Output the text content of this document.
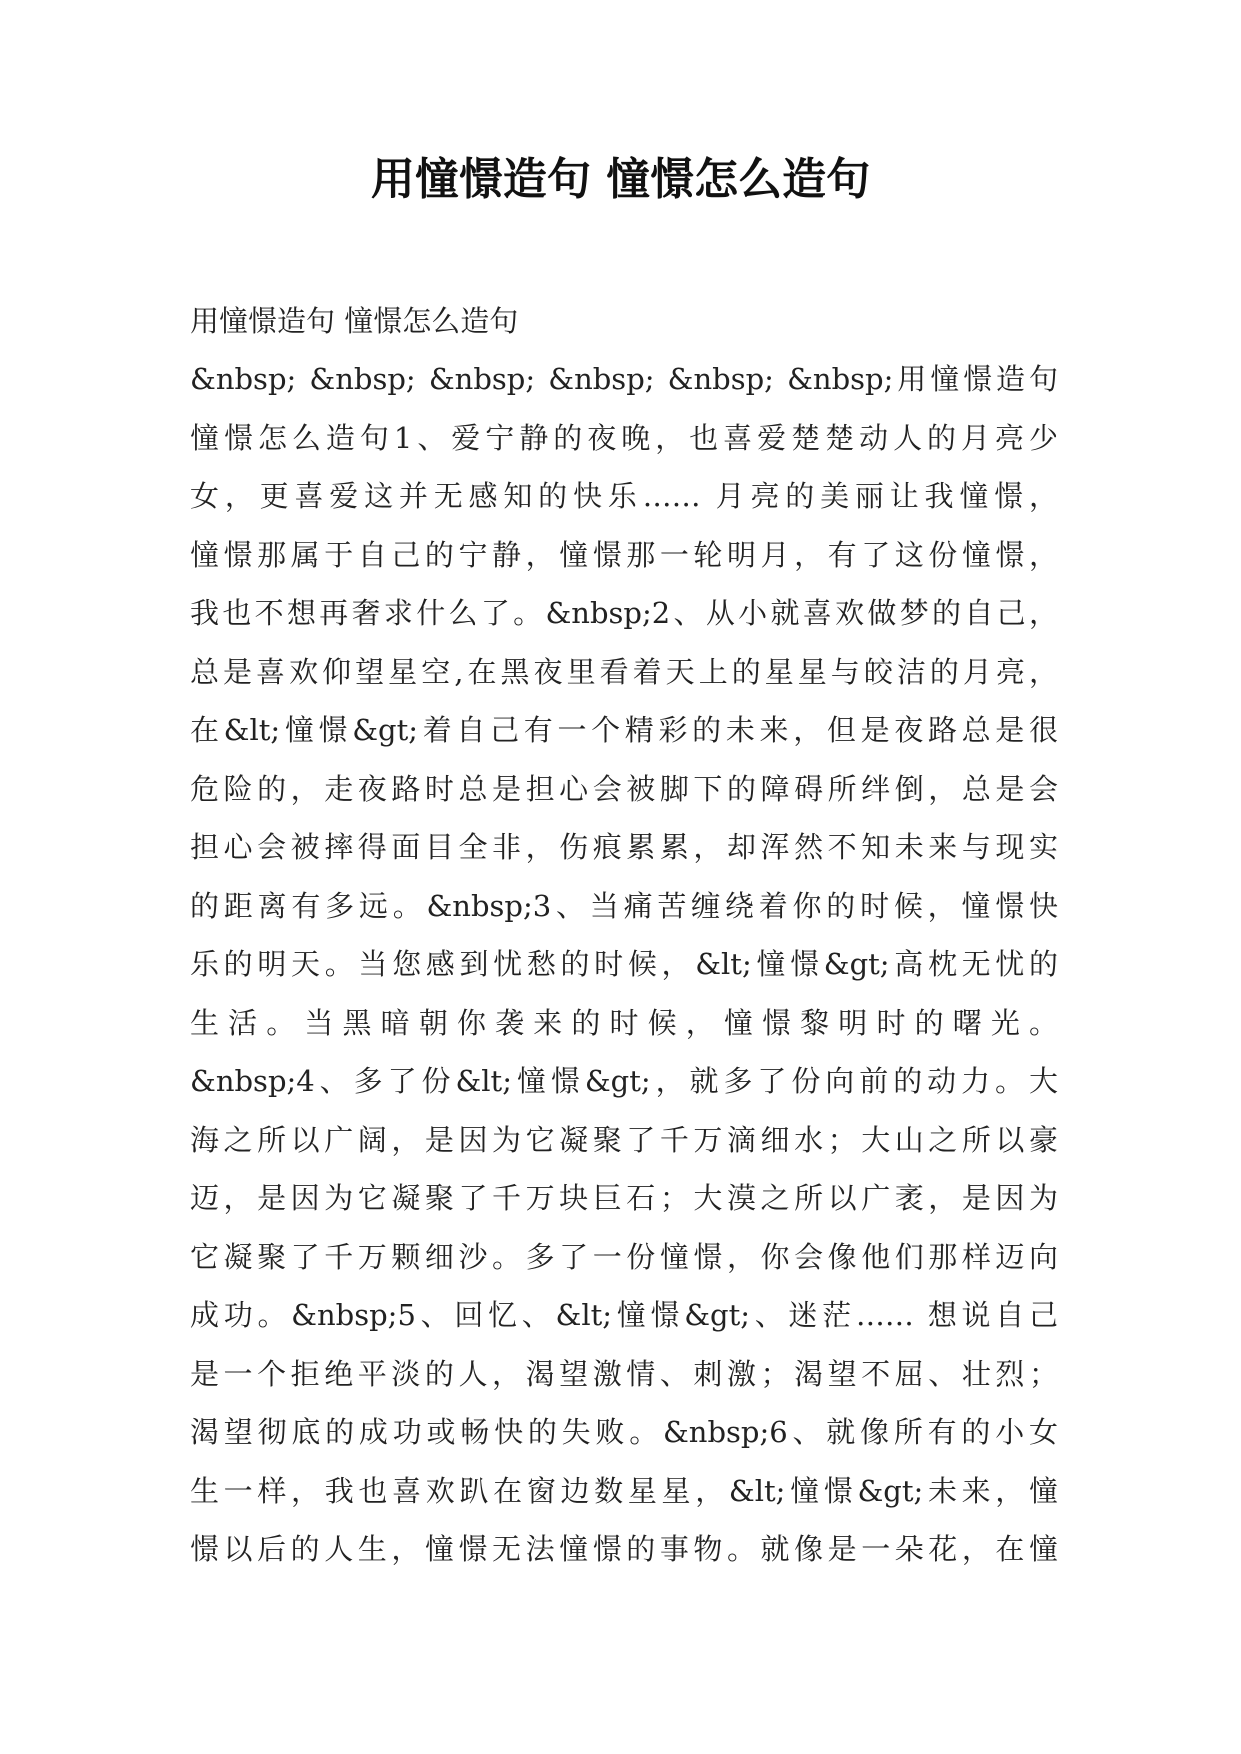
用憧憬造句 憧憬怎么造句

用憧憬造句 憧憬怎么造句

&nbsp; &nbsp; &nbsp; &nbsp; &nbsp; &nbsp;用憧憬造句

憧憬怎么造句1、爱宁静的夜晚，也喜爱楚楚动人的月亮少

女，更喜爱这并无感知的快乐…… 月亮的美丽让我憧憬，

憧憬那属于自己的宁静，憧憬那一轮明月，有了这份憧憬，

我也不想再奢求什么了。&nbsp;2、从小就喜欢做梦的自己，

总是喜欢仰望星空,在黑夜里看着天上的星星与皎洁的月亮，

在&lt;憧憬&gt;着自己有一个精彩的未来，但是夜路总是很

危险的，走夜路时总是担心会被脚下的障碍所绊倒，总是会

担心会被摔得面目全非，伤痕累累，却浑然不知未来与现实

的距离有多远。&nbsp;3、当痛苦缠绕着你的时候，憧憬快

乐的明天。当您感到忧愁的时候，&lt;憧憬&gt;高枕无忧的

生活。当黑暗朝你袭来的时候，憧憬黎明时的曙光。

&nbsp;4、多了份&lt;憧憬&gt;，就多了份向前的动力。大

海之所以广阔，是因为它凝聚了千万滴细水；大山之所以豪

迈，是因为它凝聚了千万块巨石；大漠之所以广袤，是因为

它凝聚了千万颗细沙。多了一份憧憬，你会像他们那样迈向

成功。&nbsp;5、回忆、&lt;憧憬&gt;、迷茫…… 想说自己

是一个拒绝平淡的人，渴望激情、刺激；渴望不屈、壮烈；

渴望彻底的成功或畅快的失败。&nbsp;6、就像所有的小女

生一样，我也喜欢趴在窗边数星星，&lt;憧憬&gt;未来，憧

憬以后的人生，憧憬无法憧憬的事物。就像是一朵花，在憧
